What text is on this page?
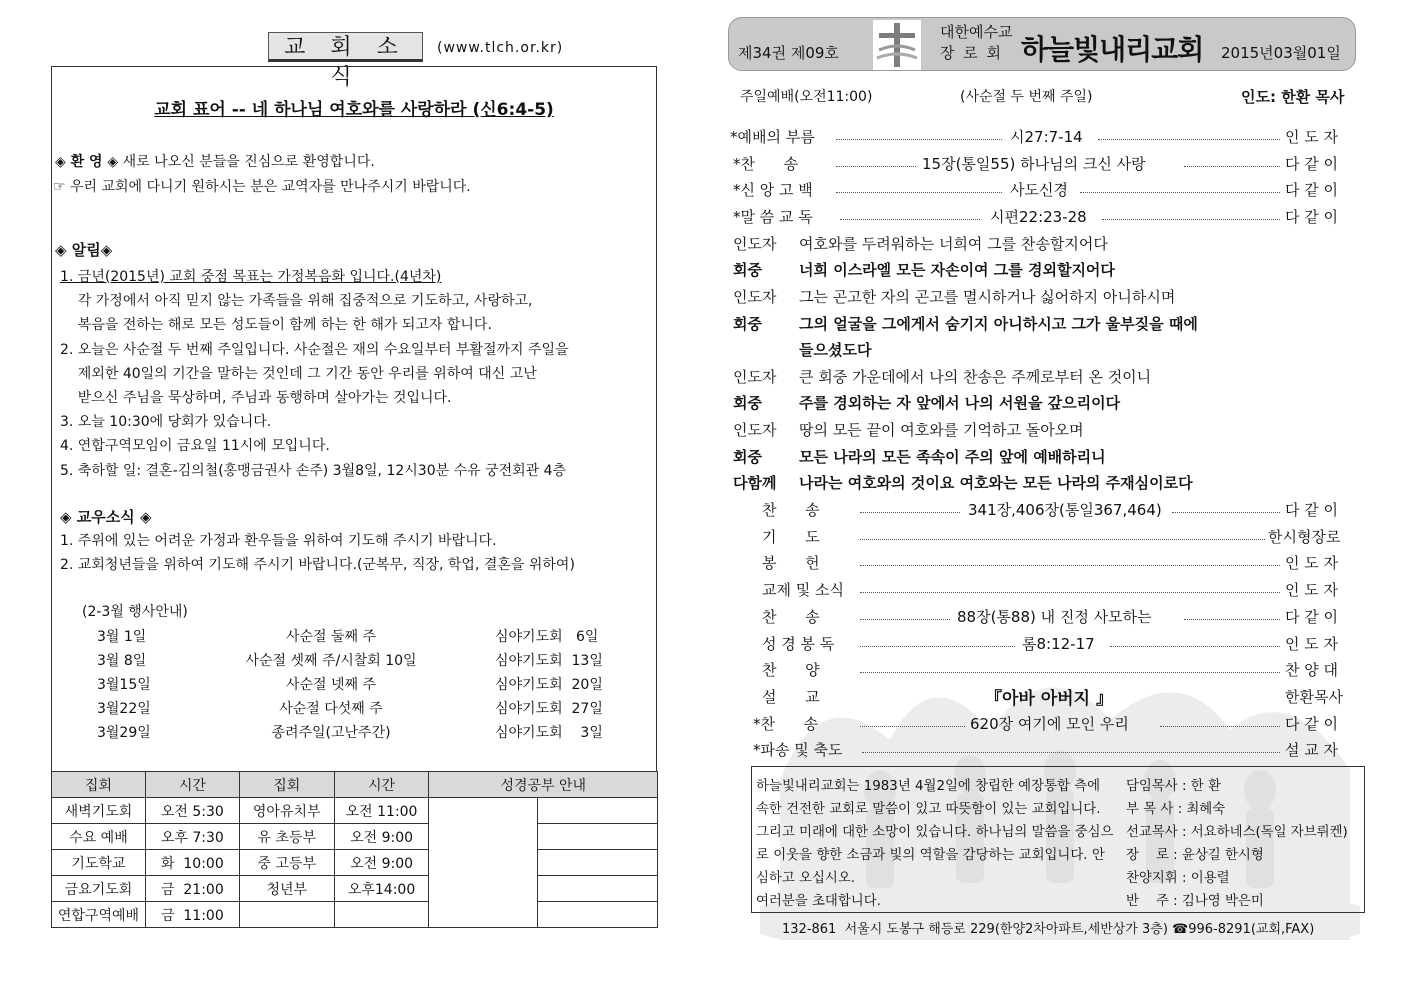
교 회 소 식
(www.tlch.or.kr)
교회 표어 -- 네 하나님 여호와를 사랑하라 (신6:4-5)
◈ 환 영 ◈ 새로 나오신 분들을 진심으로 환영합니다.
☞ 우리 교회에 다니기 원하시는 분은 교역자를 만나주시기 바랍니다.
◈ 알림◈
1. 금년(2015년) 교회 중점 목표는 가정복음화 입니다.(4년차)
각 가정에서 아직 믿지 않는 가족들을 위해 집중적으로 기도하고, 사랑하고,
복음을 전하는 해로 모든 성도들이 함께 하는 한 해가 되고자 합니다.
2. 오늘은 사순절 두 번째 주일입니다. 사순절은 재의 수요일부터 부활절까지 주일을
제외한 40일의 기간을 말하는 것인데 그 기간 동안 우리를 위하여 대신 고난
받으신 주님을 묵상하며, 주님과 동행하며 살아가는 것입니다.
3. 오늘 10:30에 당회가 있습니다.
4. 연합구역모임이 금요일 11시에 모입니다.
5. 축하할 일: 결혼-김의철(홍맹금권사 손주) 3월8일, 12시30분 수유 궁전회관 4층
◈ 교우소식 ◈
1. 주위에 있는 어려운 가정과 환우들을 위하여 기도해 주시기 바랍니다.
2. 교회청년들을 위하여 기도해 주시기 바랍니다.(군복무, 직장, 학업, 결혼을 위하여)
(2-3월 행사안내)
3월 1일	사순절 둘째 주	심야기도회   6일
3월 8일	사순절 셋째 주/시찰회 10일	심야기도회  13일
3월15일	사순절 넷째 주	심야기도회  20일
3월22일	사순절 다섯째 주	심야기도회  27일
3월29일	종려주일(고난주간)	심야기도회    3일
집회	시간	집회	시간	성경공부 안내	
새벽기도회	오전 5:30	영아유치부	오전 11:00		
수요 예배	오후 7:30	유 초등부	오전 9:00		
기도학교	화  10:00	중 고등부	오전 9:00		
금요기도회	금  21:00	청년부	오후14:00		
연합구역예배	금  11:00				
제34권 제09호
대한예수교
장 로 회 하늘빛내리교회 2015년03월01일
주일예배(오전11:00)	(사순절 두 번째 주일)	인도: 한환 목사
*예배의 부름	시27:7-14	인 도 자
*찬      송	15장(통일55) 하나님의 크신 사랑	다 같 이
*신 앙 고 백	사도신경	다 같 이
*말 씀 교 독	시편22:23-28	다 같 이
인도자 여호와를 두려워하는 너희여 그를 찬송할지어다
회중 너희 이스라엘 모든 자손이여 그를 경외할지어다
인도자 그는 곤고한 자의 곤고를 멸시하거나 싫어하지 아니하시며
회중 그의 얼굴을 그에게서 숨기지 아니하시고 그가 울부짖을 때에
들으셨도다
인도자 큰 회중 가운데에서 나의 찬송은 주께로부터 온 것이니
회중 주를 경외하는 자 앞에서 나의 서원을 갚으리이다
인도자 땅의 모든 끝이 여호와를 기억하고 돌아오며
회중 모든 나라의 모든 족속이 주의 앞에 예배하리니
다함께 나라는 여호와의 것이요 여호와는 모든 나라의 주재심이로다
찬      송	341장,406장(통일367,464)	다 같 이
기      도	한시형장로
봉      헌	인 도 자
교제 및 소식	인 도 자
찬      송	88장(통88) 내 진정 사모하는	다 같 이
성 경 봉 독	롬8:12-17	인 도 자
찬      양	찬 양 대
설      교	『아바 아버지 』	한환목사
*찬      송	620장 여기에 모인 우리	다 같 이
*파송 및 축도	설 교 자
하늘빛내리교회는 1983년 4월2일에 창립한 예장통합 측에 속한 건전한 교회로 말씀이 있고 따뜻함이 있는 교회입니다. 그리고 미래에 대한 소망이 있습니다. 하나님의 말씀을 중심으로 이웃을 향한 소금과 빛의 역할을 감당하는 교회입니다. 안심하고 오십시오.
여러분을 초대합니다.
담임목사 : 한 환
부 목 사 : 최혜숙
선교목사 : 서요하네스(독일 자브뤼켄)
장    로 : 윤상길 한시형
찬양지휘 : 이용렬
반    주 : 김나영 박은미
132-861  서울시 도봉구 해등로 229(한양2차아파트,세반상가 3층) ☎996-8291(교회,FAX)
